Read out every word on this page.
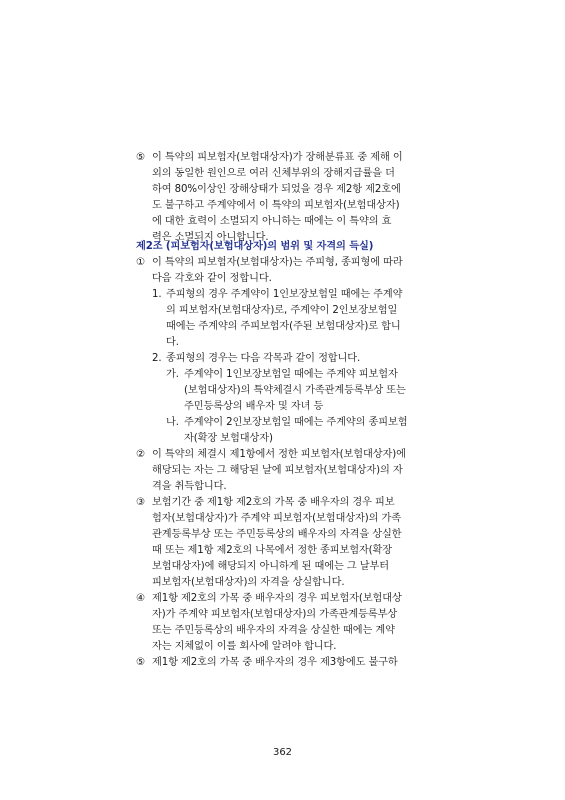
⑤ 이 특약의 피보험자(보험대상자)가 장해분류표 중 제해 이
외의 동일한 원인으로 여러 신체부위의 장해지급률을 더
하여 80%이상인 장해상태가 되었을 경우 제2항 제2호에
도 불구하고 주계약에서 이 특약의 피보험자(보험대상자)
에 대한 효력이 소멸되지 아니하는 때에는 이 특약의 효
력은 소멸되지 아니합니다.
제2조 (피보험자(보험대상자)의 범위 및 자격의 득실)
① 이 특약의 피보험자(보험대상자)는 주피형, 종피형에 따라
다음 각호와 같이 정합니다.
1. 주피형의 경우 주계약이 1인보장보험일 때에는 주계약
의 피보험자(보험대상자)로, 주계약이 2인보장보험일
때에는 주계약의 주피보험자(주된 보험대상자)로 합니
다.
2. 종피형의 경우는 다음 각목과 같이 정합니다.
가. 주계약이 1인보장보험일 때에는 주계약 피보험자
(보험대상자)의 특약체결시 가족관계등록부상 또는
주민등록상의 배우자 및 자녀 등
나. 주계약이 2인보장보험일 때에는 주계약의 종피보험
자(확장 보험대상자)
② 이 특약의 체결시 제1항에서 정한 피보험자(보험대상자)에
해당되는 자는 그 해당된 날에 피보험자(보험대상자)의 자
격을 취득합니다.
③ 보험기간 중 제1항 제2호의 가목 중 배우자의 경우 피보
험자(보험대상자)가 주계약 피보험자(보험대상자)의 가족
관계등록부상 또는 주민등록상의 배우자의 자격을 상실한
때 또는 제1항 제2호의 나목에서 정한 종피보험자(확장
보험대상자)에 해당되지 아니하게 된 때에는 그 날부터
피보험자(보험대상자)의 자격을 상실합니다.
④ 제1항 제2호의 가목 중 배우자의 경우 피보험자(보험대상
자)가 주계약 피보험자(보험대상자)의 가족관계등록부상
또는 주민등록상의 배우자의 자격을 상실한 때에는 계약
자는 지체없이 이를 회사에 알려야 합니다.
⑤ 제1항 제2호의 가목 중 배우자의 경우 제3항에도 불구하
362
